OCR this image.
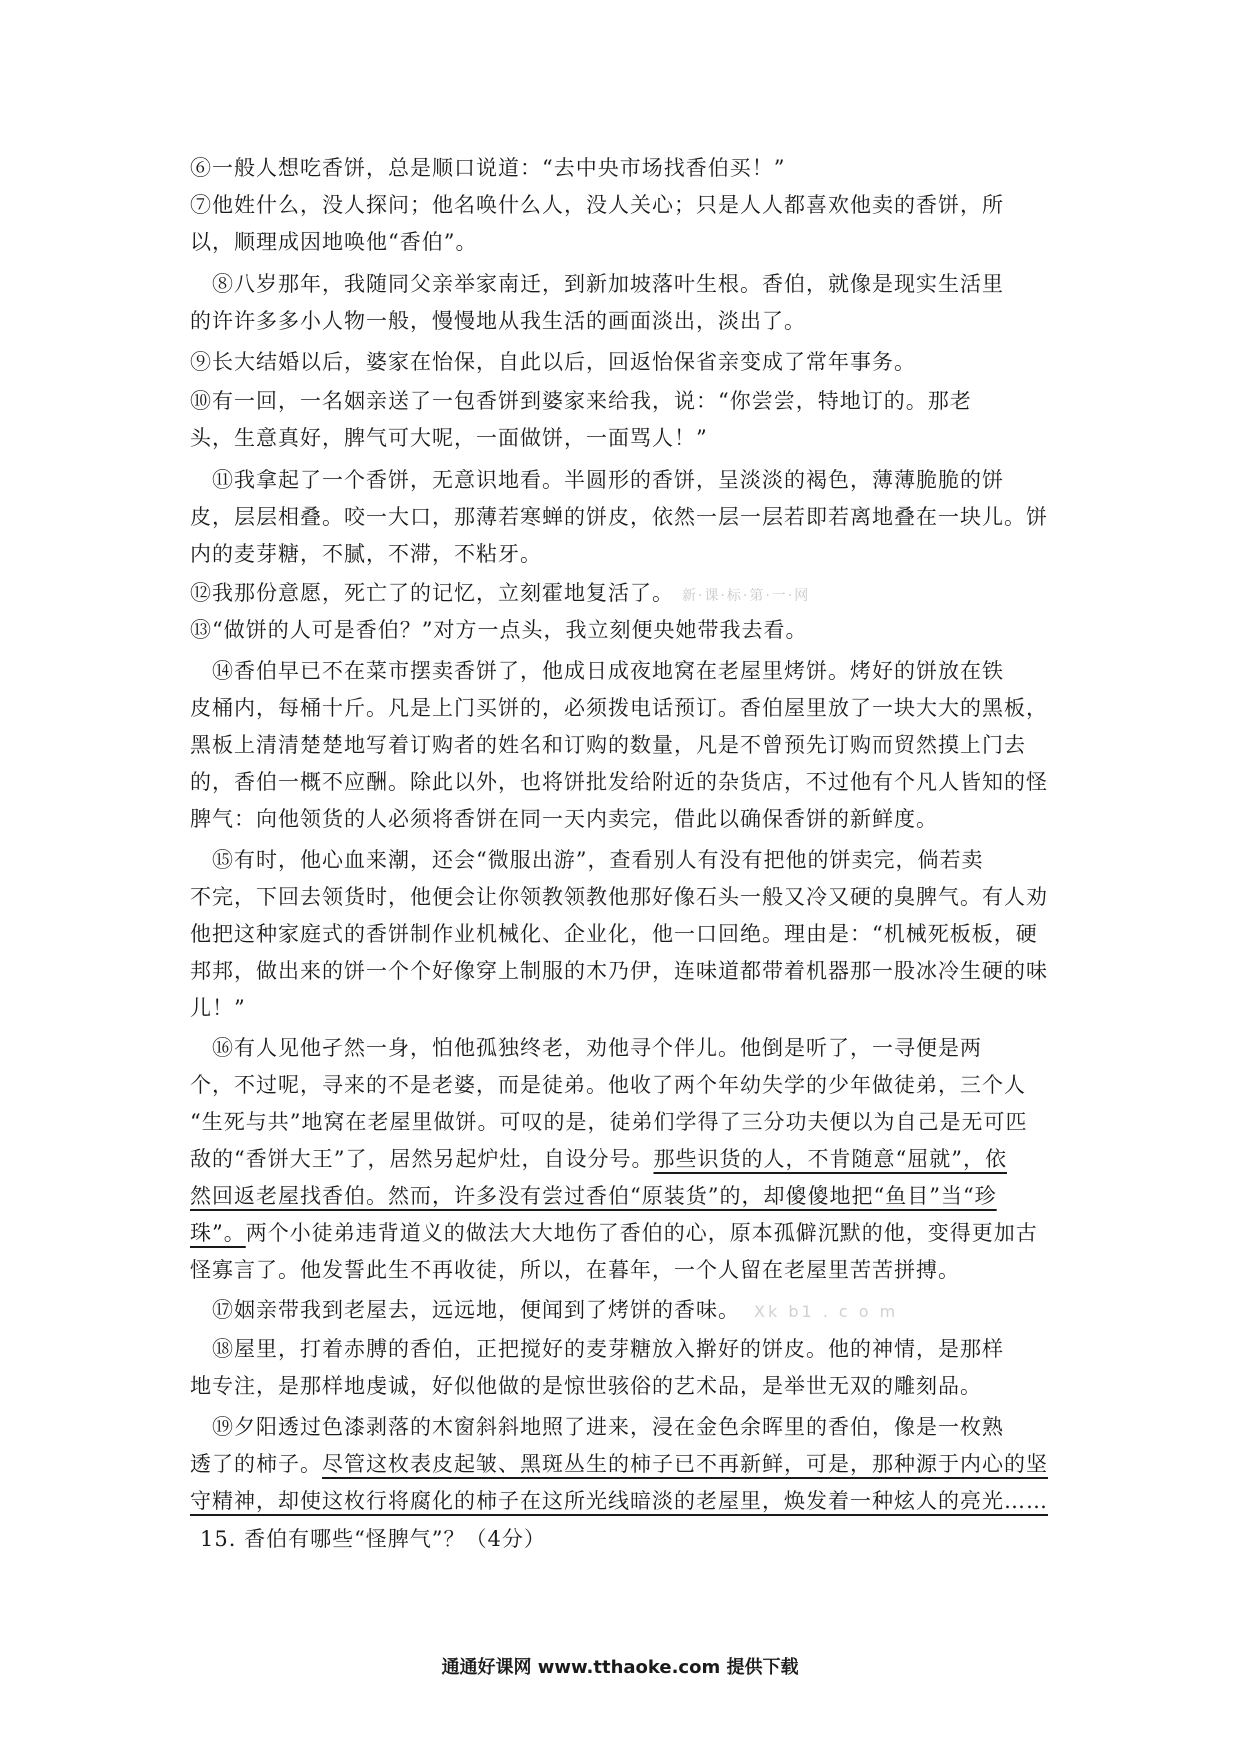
⑥一般人想吃香饼，总是顺口说道：“去中央市场找香伯买！”
⑦他姓什么，没人探问；他名唤什么人，没人关心；只是人人都喜欢他卖的香饼，所
以，顺理成因地唤他“香伯”。
⑧八岁那年，我随同父亲举家南迁，到新加坡落叶生根。香伯，就像是现实生活里
的许许多多小人物一般，慢慢地从我生活的画面淡出，淡出了。
⑨长大结婚以后，婆家在怡保，自此以后，回返怡保省亲变成了常年事务。
⑩有一回，一名姻亲送了一包香饼到婆家来给我，说：“你尝尝，特地订的。那老
头，生意真好，脾气可大呢，一面做饼，一面骂人！”
⑪我拿起了一个香饼，无意识地看。半圆形的香饼，呈淡淡的褐色，薄薄脆脆的饼
皮，层层相叠。咬一大口，那薄若寒蝉的饼皮，依然一层一层若即若离地叠在一块儿。饼
内的麦芽糖，不腻，不滞，不粘牙。
⑫我那份意愿，死亡了的记忆，立刻霍地复活了。 新·课·标·第·一·网
⑬“做饼的人可是香伯？”对方一点头，我立刻便央她带我去看。
⑭香伯早已不在菜市摆卖香饼了，他成日成夜地窝在老屋里烤饼。烤好的饼放在铁
皮桶内，每桶十斤。凡是上门买饼的，必须拨电话预订。香伯屋里放了一块大大的黑板，
黑板上清清楚楚地写着订购者的姓名和订购的数量，凡是不曾预先订购而贸然摸上门去
的，香伯一概不应酬。除此以外，也将饼批发给附近的杂货店，不过他有个凡人皆知的怪
脾气：向他领货的人必须将香饼在同一天内卖完，借此以确保香饼的新鲜度。
⑮有时，他心血来潮，还会“微服出游”，查看别人有没有把他的饼卖完，倘若卖
不完，下回去领货时，他便会让你领教领教他那好像石头一般又冷又硬的臭脾气。有人劝
他把这种家庭式的香饼制作业机械化、企业化，他一口回绝。理由是：“机械死板板，硬
邦邦，做出来的饼一个个好像穿上制服的木乃伊，连味道都带着机器那一股冰冷生硬的味
儿！”
⑯有人见他孑然一身，怕他孤独终老，劝他寻个伴儿。他倒是听了，一寻便是两
个，不过呢，寻来的不是老婆，而是徒弟。他收了两个年幼失学的少年做徒弟，三个人
“生死与共”地窝在老屋里做饼。可叹的是，徒弟们学得了三分功夫便以为自己是无可匹
敌的“香饼大王”了，居然另起炉灶，自设分号。那些识货的人，不肯随意“屈就”，依
然回返老屋找香伯。然而，许多没有尝过香伯“原装货”的，却傻傻地把“鱼目”当“珍
珠”。两个小徒弟违背道义的做法大大地伤了香伯的心，原本孤僻沉默的他，变得更加古
怪寡言了。他发誓此生不再收徒，所以，在暮年，一个人留在老屋里苦苦拼搏。
⑰姻亲带我到老屋去，远远地，便闻到了烤饼的香味。 Xk b1 . c o m
⑱屋里，打着赤膊的香伯，正把搅好的麦芽糖放入擀好的饼皮。他的神情，是那样
地专注，是那样地虔诚，好似他做的是惊世骇俗的艺术品，是举世无双的雕刻品。
⑲夕阳透过色漆剥落的木窗斜斜地照了进来，浸在金色余晖里的香伯，像是一枚熟
透了的柿子。尽管这枚表皮起皱、黑斑丛生的柿子已不再新鲜，可是，那种源于内心的坚
守精神，却使这枚行将腐化的柿子在这所光线暗淡的老屋里，焕发着一种炫人的亮光……
15. 香伯有哪些“怪脾气”？（4分）
通通好课网 www.tthaoke.com 提供下载
